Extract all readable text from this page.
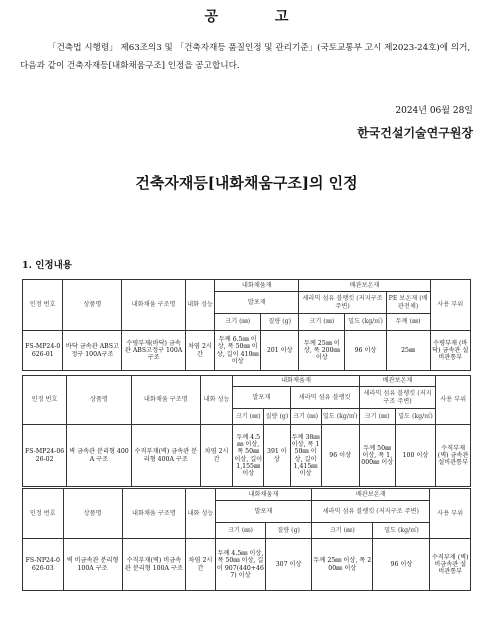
공 고
「건축법 시행령」 제63조의3 및 「건축자재등 품질인정 및 관리기준」(국토교통부 고시 제2023-24호)에 의거, 다음과 같이 건축자재등[내화채움구조] 인정을 공고합니다.
2024년 06월 28일
한국건설기술연구원장
건축자재등[내화채움구조]의 인정
1. 인정내용
인정 번호	상품명	내화채움 구조명	내화 성능	내화채움재		배관보온재			사용 부위
				발포재		세라믹 섬유 블랭킷 (저지구조 주변)		PE 보온재 (배관전체)	
				크기 (㎜)	질량 (g)	크기 (㎜)	밀도 (kg/㎥)	두께 (㎜)	
FS-MP24-0626-01	바닥 금속관 ABS고정구 100A구조	수평부재(바닥) 금속관 ABS고정구 100A구조	차염 2시간	두께 6.5㎜ 이상, 폭 50㎜ 이상, 길이 410㎜ 이상	201 이상	두께 25㎜ 이상, 폭 200㎜ 이상	96 이상	25㎜	수평부재 (바닥) 금속관 설비관통부
인정 번호	상품명	내화채움 구조명	내화 성능	내화채움재				배관보온재		사용 부위
				발포재		세라믹 섬유 블랭킷		세라믹 섬유 블랭킷 (저지구조 주변)		
				크기 (㎜)	질량 (g)	크기 (㎜)	밀도 (kg/㎥)	크기 (㎜)	밀도 (kg/㎥)	
FS-MP24-0626-02	벽 금속관 분리형 400A 구조	수직부재(벽) 금속관 분리형 400A 구조	차염 2시간	두께 4.5㎜ 이상, 폭 50㎜ 이상, 길이 1,155㎜ 이상	391 이상	두께 38㎜ 이상, 폭 150㎜ 이상, 길이 1,415㎜ 이상	96 이상	두께 50㎜ 이상, 폭 1,000㎜ 이상	100 이상	수직부재 (벽) 금속관 설비관통부
인정 번호	상품명	내화채움 구조명	내화 성능	내화채움재		배관보온재		사용 부위
				발포재		세라믹 섬유 블랭킷 (저지구조 주변)		
				크기 (㎜)	질량 (g)	크기 (㎜)	밀도 (kg/㎥)	
FS-NP24-0626-03	벽 비금속관 분리형 100A 구조	수직부재(벽) 비금속관 분리형 100A 구조	차염 2시간	두께 4.5㎜ 이상, 폭 50㎜ 이상, 길이 907(440+467) 이상	307 이상	두께 25㎜ 이상, 폭 200㎜ 이상	96 이상	수직부재 (벽) 비금속관 설비관통부
